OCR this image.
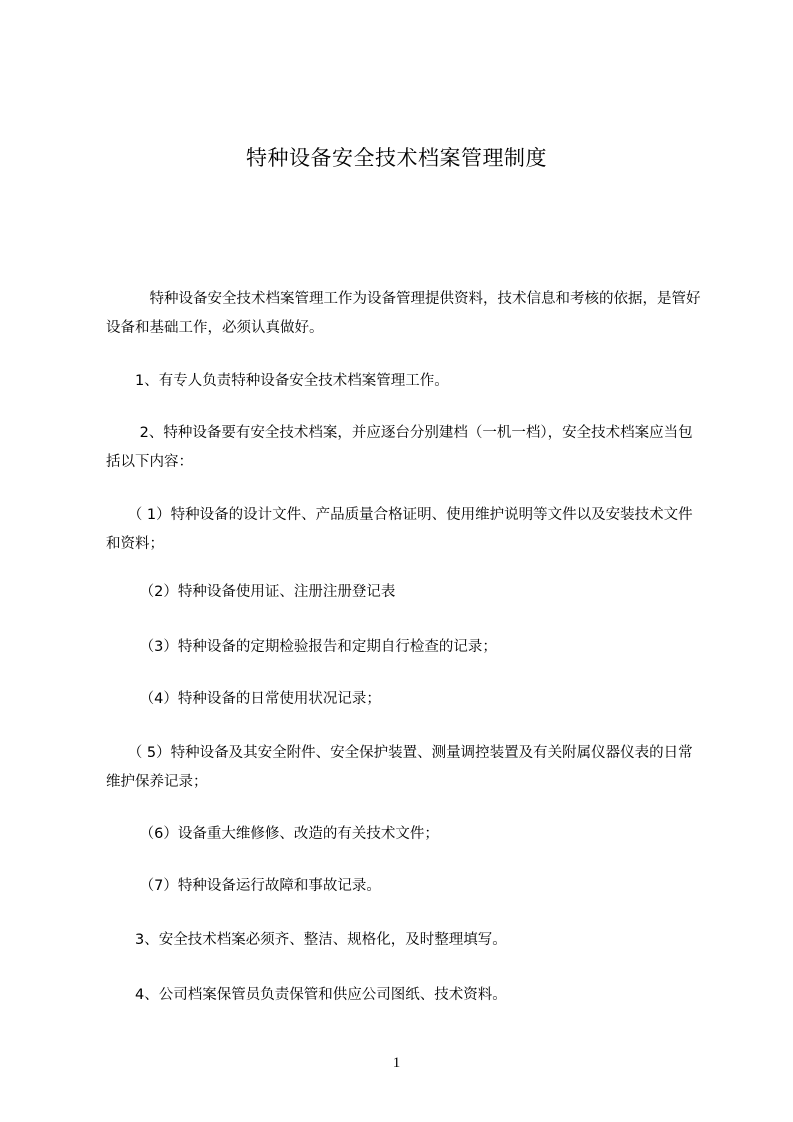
特种设备安全技术档案管理制度
　　　特种设备安全技术档案管理工作为设备管理提供资料，技术信息和考核的依据，是管好设备和基础工作，必须认真做好。
　　1、有专人负责特种设备安全技术档案管理工作。
　　 2、特种设备要有安全技术档案，并应逐台分别建档（一机一档），安全技术档案应当包括以下内容：
　　（ 1）特种设备的设计文件、产品质量合格证明、使用维护说明等文件以及安装技术文件和资料；
　　 （2）特种设备使用证、注册注册登记表
　　 （3）特种设备的定期检验报告和定期自行检查的记录；
　　 （4）特种设备的日常使用状况记录；
　　（ 5）特种设备及其安全附件、安全保护装置、测量调控装置及有关附属仪器仪表的日常维护保养记录；
　　 （6）设备重大维修修、改造的有关技术文件；
　　 （7）特种设备运行故障和事故记录。
　　3、安全技术档案必须齐、整洁、规格化，及时整理填写。
　　4、公司档案保管员负责保管和供应公司图纸、技术资料。
1
